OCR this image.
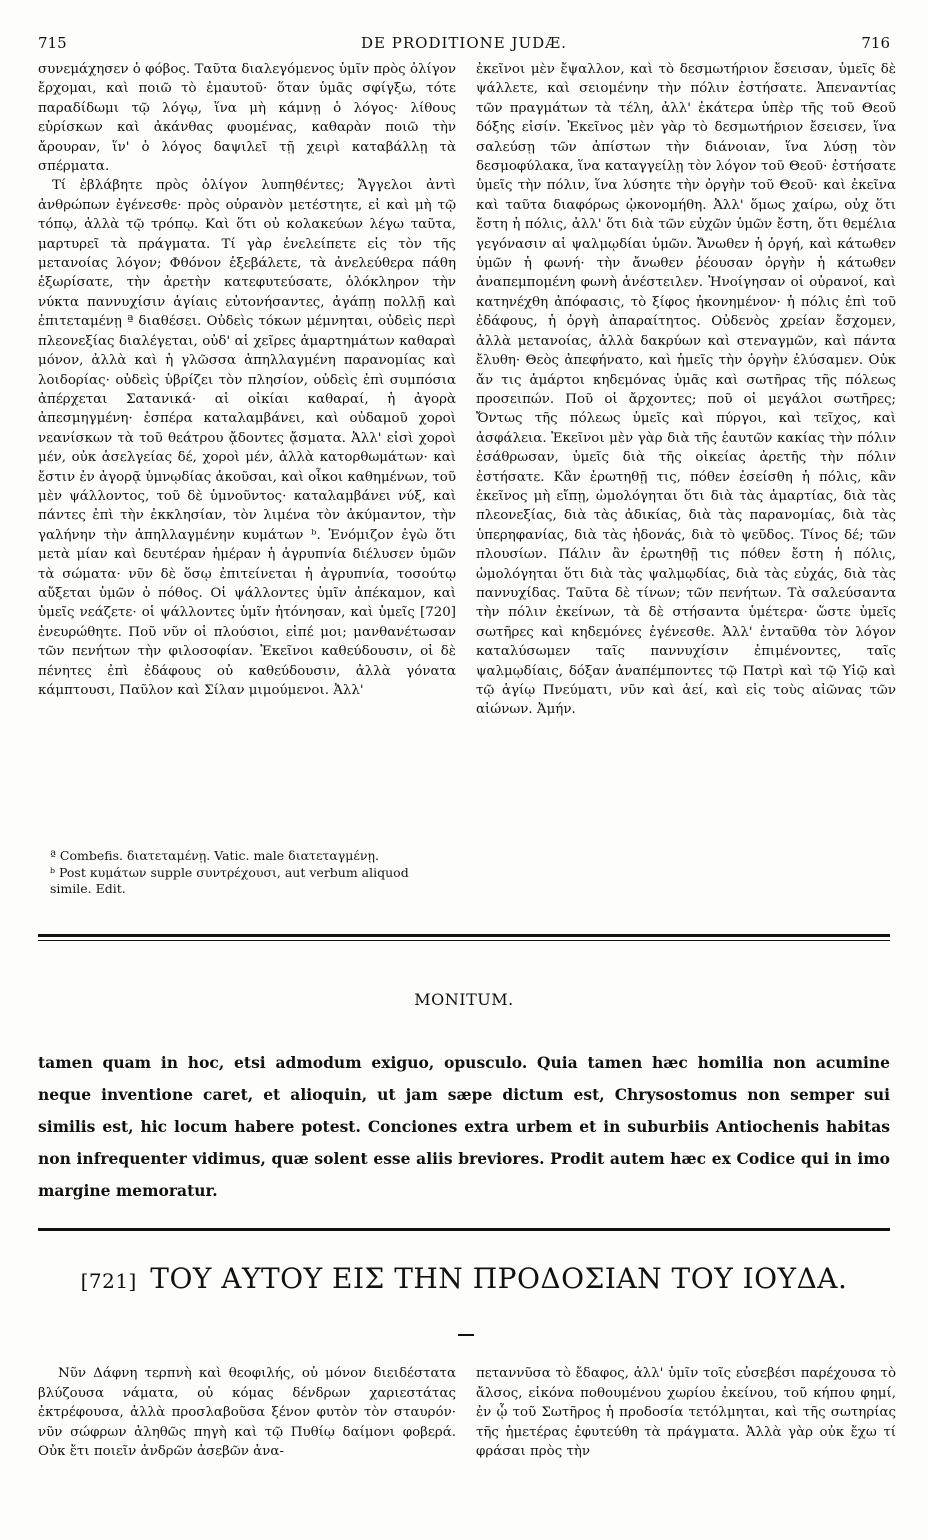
715	DE PRODITIONE JUDÆ.	716

συνεμάχησεν ὁ φόβος. Ταῦτα διαλεγόμενος ὑμῖν πρὸς ὀλίγον ἔρχομαι, καὶ ποιῶ τὸ ἐμαυτοῦ· ὅταν ὑμᾶς σφίγξω, τότε παραδίδωμι τῷ λόγῳ, ἵνα μὴ κάμνῃ ὁ λόγος· λίθους εὑρίσκων καὶ ἀκάνθας φυομένας, καθαρὰν ποιῶ τὴν ἄρουραν, ἵν' ὁ λόγος δαψιλεῖ τῇ χειρὶ καταβάλλῃ τὰ σπέρματα.

Τί ἐβλάβητε πρὸς ὀλίγον λυπηθέντες; Ἄγγελοι ἀντὶ ἀνθρώπων ἐγένεσθε· πρὸς οὐρανὸν μετέστητε, εἰ καὶ μὴ τῷ τόπῳ, ἀλλὰ τῷ τρόπῳ. Καὶ ὅτι οὐ κολακεύων λέγω ταῦτα, μαρτυρεῖ τὰ πράγματα. Τί γὰρ ἐνελείπετε εἰς τὸν τῆς μετανοίας λόγον; Φθόνον ἐξεβάλετε, τὰ ἀνελεύθερα πάθη ἐξωρίσατε, τὴν ἀρετὴν κατεφυτεύσατε, ὁλόκληρον τὴν νύκτα παννυχίσιν ἁγίαις εὐτονήσαντες, ἀγάπῃ πολλῇ καὶ ἐπιτεταμένῃ ª διαθέσει. Οὐδεὶς τόκων μέμνηται, οὐδεὶς περὶ πλεονεξίας διαλέγεται, οὐδ' αἱ χεῖρες ἁμαρτημάτων καθαραὶ μόνον, ἀλλὰ καὶ ἡ γλῶσσα ἀπηλλαγμένη παρανομίας καὶ λοιδορίας· οὐδεὶς ὑβρίζει τὸν πλησίον, οὐδεὶς ἐπὶ συμπόσια ἀπέρχεται Σατανικά· αἱ οἰκίαι καθαραί, ἡ ἀγορὰ ἀπεσμηγμένη· ἑσπέρα καταλαμβάνει, καὶ οὐδαμοῦ χοροὶ νεανίσκων τὰ τοῦ θεάτρου ᾄδοντες ᾄσματα. Ἀλλ' εἰσὶ χοροὶ μέν, οὐκ ἀσελγείας δέ, χοροὶ μέν, ἀλλὰ κατορθωμάτων· καὶ ἔστιν ἐν ἀγορᾷ ὑμνῳδίας ἀκοῦσαι, καὶ οἶκοι καθημένων, τοῦ μὲν ψάλλοντος, τοῦ δὲ ὑμνοῦντος· καταλαμβάνει νύξ, καὶ πάντες ἐπὶ τὴν ἐκκλησίαν, τὸν λιμένα τὸν ἀκύμαντον, τὴν γαλήνην τὴν ἀπηλλαγμένην κυμάτων ᵇ. Ἐνόμιζον ἐγὼ ὅτι μετὰ μίαν καὶ δευτέραν ἡμέραν ἡ ἀγρυπνία διέλυσεν ὑμῶν τὰ σώματα· νῦν δὲ ὅσῳ ἐπιτείνεται ἡ ἀγρυπνία, τοσούτῳ αὔξεται ὑμῶν ὁ πόθος. Οἱ ψάλλοντες ὑμῖν ἀπέκαμον, καὶ ὑμεῖς νεάζετε· οἱ ψάλλοντες ὑμῖν ἠτόνησαν, καὶ ὑμεῖς [720] ἐνευρώθητε. Ποῦ νῦν οἱ πλούσιοι, εἰπέ μοι; μανθανέτωσαν τῶν πενήτων τὴν φιλοσοφίαν. Ἐκεῖνοι καθεύδουσιν, οἱ δὲ πένητες ἐπὶ ἐδάφους οὐ καθεύδουσιν, ἀλλὰ γόνατα κάμπτουσι, Παῦλον καὶ Σίλαν μιμούμενοι. Ἀλλ'

ª Combefis. διατεταμένῃ. Vatic. male διατεταγμένῃ.
ᵇ Post κυμάτων supple συντρέχουσι, aut verbum aliquod simile. Edit.

ἐκεῖνοι μὲν ἔψαλλον, καὶ τὸ δεσμωτήριον ἔσεισαν, ὑμεῖς δὲ ψάλλετε, καὶ σειομένην τὴν πόλιν ἐστήσατε. Ἀπεναντίας τῶν πραγμάτων τὰ τέλη, ἀλλ' ἑκάτερα ὑπὲρ τῆς τοῦ Θεοῦ δόξης εἰσίν. Ἐκεῖνος μὲν γὰρ τὸ δεσμωτήριον ἔσεισεν, ἵνα σαλεύσῃ τῶν ἀπίστων τὴν διάνοιαν, ἵνα λύσῃ τὸν δεσμοφύλακα, ἵνα καταγγείλῃ τὸν λόγον τοῦ Θεοῦ· ἐστήσατε ὑμεῖς τὴν πόλιν, ἵνα λύσητε τὴν ὀργὴν τοῦ Θεοῦ· καὶ ἐκεῖνα καὶ ταῦτα διαφόρως ᾠκονομήθη. Ἀλλ' ὅμως χαίρω, οὐχ ὅτι ἔστη ἡ πόλις, ἀλλ' ὅτι διὰ τῶν εὐχῶν ὑμῶν ἔστη, ὅτι θεμέλια γεγόνασιν αἱ ψαλμῳδίαι ὑμῶν. Ἄνωθεν ἡ ὀργή, καὶ κάτωθεν ὑμῶν ἡ φωνή· τὴν ἄνωθεν ῥέουσαν ὀργὴν ἡ κάτωθεν ἀναπεμπομένη φωνὴ ἀνέστειλεν. Ἠνοίγησαν οἱ οὐρανοί, καὶ κατηνέχθη ἀπόφασις, τὸ ξίφος ἠκονημένον· ἡ πόλις ἐπὶ τοῦ ἐδάφους, ἡ ὀργὴ ἀπαραίτητος. Οὐδενὸς χρείαν ἔσχομεν, ἀλλὰ μετανοίας, ἀλλὰ δακρύων καὶ στεναγμῶν, καὶ πάντα ἔλυθη· Θεὸς ἀπεφήνατο, καὶ ἡμεῖς τὴν ὀργὴν ἐλύσαμεν. Οὐκ ἄν τις ἁμάρτοι κηδεμόνας ὑμᾶς καὶ σωτῆρας τῆς πόλεως προσειπών. Ποῦ οἱ ἄρχοντες; ποῦ οἱ μεγάλοι σωτῆρες; Ὄντως τῆς πόλεως ὑμεῖς καὶ πύργοι, καὶ τεῖχος, καὶ ἀσφάλεια. Ἐκεῖνοι μὲν γὰρ διὰ τῆς ἑαυτῶν κακίας τὴν πόλιν ἐσάθρωσαν, ὑμεῖς διὰ τῆς οἰκείας ἀρετῆς τὴν πόλιν ἐστήσατε. Κἂν ἐρωτηθῇ τις, πόθεν ἐσείσθη ἡ πόλις, κἂν ἐκεῖνος μὴ εἴπῃ, ὡμολόγηται ὅτι διὰ τὰς ἁμαρτίας, διὰ τὰς πλεονεξίας, διὰ τὰς ἀδικίας, διὰ τὰς παρανομίας, διὰ τὰς ὑπερηφανίας, διὰ τὰς ἡδονάς, διὰ τὸ ψεῦδος. Τίνος δέ; τῶν πλουσίων. Πάλιν ἂν ἐρωτηθῇ τις πόθεν ἔστη ἡ πόλις, ὡμολόγηται ὅτι διὰ τὰς ψαλμῳδίας, διὰ τὰς εὐχάς, διὰ τὰς παννυχίδας. Ταῦτα δὲ τίνων; τῶν πενήτων. Τὰ σαλεύσαντα τὴν πόλιν ἐκείνων, τὰ δὲ στήσαντα ὑμέτερα· ὥστε ὑμεῖς σωτῆρες καὶ κηδεμόνες ἐγένεσθε. Ἀλλ' ἐνταῦθα τὸν λόγον καταλύσωμεν ταῖς παννυχίσιν ἐπιμένοντες, ταῖς ψαλμῳδίαις, δόξαν ἀναπέμποντες τῷ Πατρὶ καὶ τῷ Υἱῷ καὶ τῷ ἁγίῳ Πνεύματι, νῦν καὶ ἀεί, καὶ εἰς τοὺς αἰῶνας τῶν αἰώνων. Ἀμήν.

MONITUM.
tamen quam in hoc, etsi admodum exiguo, opusculo. Quia tamen hæc homilia non acumine neque inventione caret, et alioquin, ut jam sæpe dictum est, Chrysostomus non semper sui similis est, hic locum habere potest. Conciones extra urbem et in suburbiis Antiochenis habitas non infrequenter vidimus, quæ solent esse aliis breviores. Prodit autem hæc ex Codice qui in imo margine memoratur.
[721] ΤΟΥ ΑΥΤΟΥ ΕΙΣ ΤΗΝ ΠΡΟΔΟΣΙΑΝ ΤΟΥ ΙΟΥΔΑ.

Νῦν Δάφνη τερπνὴ καὶ θεοφιλής, οὐ μόνον διειδέστατα βλύζουσα νάματα, οὐ κόμας δένδρων χαριεστάτας ἐκτρέφουσα, ἀλλὰ προσλαβοῦσα ξένον φυτὸν τὸν σταυρόν· νῦν σώφρων ἀληθῶς πηγὴ καὶ τῷ Πυθίῳ δαίμονι φοβερά. Οὐκ ἔτι ποιεῖν ἀνδρῶν ἀσεβῶν ἀνα-

πεταννῦσα τὸ ἔδαφος, ἀλλ' ὑμῖν τοῖς εὐσεβέσι παρέχουσα τὸ ἄλσος, εἰκόνα ποθουμένου χωρίου ἐκείνου, τοῦ κήπου φημί, ἐν ᾧ τοῦ Σωτῆρος ἡ προδοσία τετόλμηται, καὶ τῆς σωτηρίας τῆς ἡμετέρας ἐφυτεύθη τὰ πράγματα. Ἀλλὰ γὰρ οὐκ ἔχω τί φράσαι πρὸς τὴν
